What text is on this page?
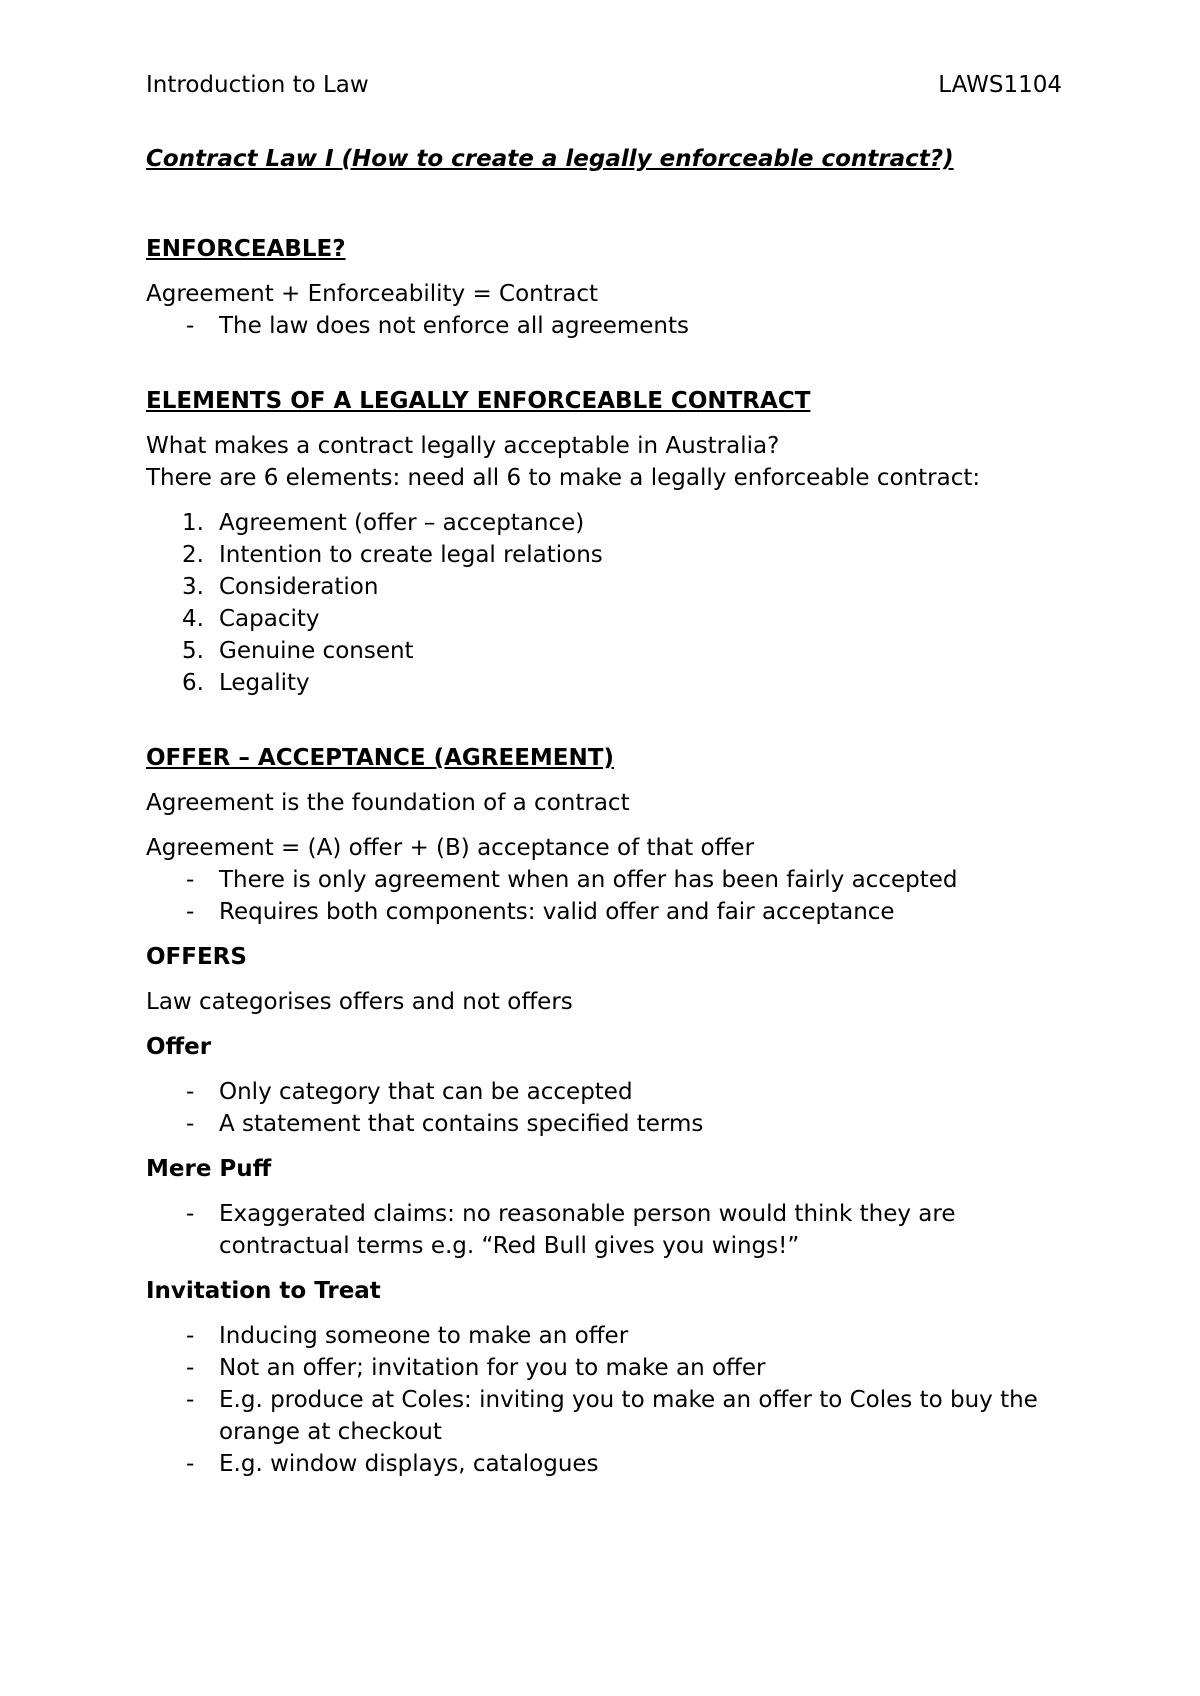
Introduction to Law	LAWS1104
Contract Law I (How to create a legally enforceable contract?)
ENFORCEABLE?
Agreement + Enforceability = Contract
- The law does not enforce all agreements
ELEMENTS OF A LEGALLY ENFORCEABLE CONTRACT
What makes a contract legally acceptable in Australia?
There are 6 elements: need all 6 to make a legally enforceable contract:
1. Agreement (offer – acceptance)
2. Intention to create legal relations
3. Consideration
4. Capacity
5. Genuine consent
6. Legality
OFFER – ACCEPTANCE (AGREEMENT)
Agreement is the foundation of a contract
Agreement = (A) offer + (B) acceptance of that offer
- There is only agreement when an offer has been fairly accepted
- Requires both components: valid offer and fair acceptance
OFFERS
Law categorises offers and not offers
Offer
- Only category that can be accepted
- A statement that contains specified terms
Mere Puff
- Exaggerated claims: no reasonable person would think they are contractual terms e.g. “Red Bull gives you wings!”
Invitation to Treat
- Inducing someone to make an offer
- Not an offer; invitation for you to make an offer
- E.g. produce at Coles: inviting you to make an offer to Coles to buy the orange at checkout
- E.g. window displays, catalogues
